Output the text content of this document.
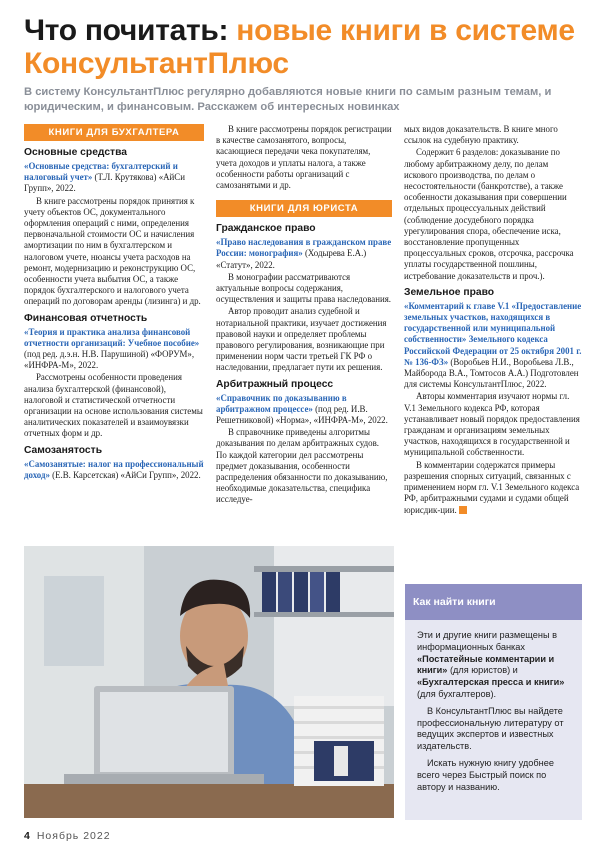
Что почитать: новые книги в системе КонсультантПлюс
В систему КонсультантПлюс регулярно добавляются новые книги по самым разным темам, и юридическим, и финансовым. Расскажем об интересных новинках
КНИГИ ДЛЯ БУХГАЛТЕРА
Основные средства

«Основные средства: бухгалтерский и налоговый учет» (Т.Л. Крутякова) «АйСи Групп», 2022.

В книге рассмотрены порядок принятия к учету объектов ОС, документального оформления операций с ними, определения первоначальной стоимости ОС и начисления амортизации по ним в бухгалтерском и налоговом учете, нюансы учета расходов на ремонт, модернизацию и реконструкцию ОС, особенности учета выбытия ОС, а также порядок бухгалтерского и налогового учета операций по договорам аренды (лизинга) и др.

Финансовая отчетность

«Теория и практика анализа финансовой отчетности организаций: Учебное пособие» (под ред. д.э.н. Н.В. Парушиной) «ФОРУМ», «ИНФРА-М», 2022.

Рассмотрены особенности проведения анализа бухгалтерской (финансовой), налоговой и статистической отчетности организации на основе использования системы аналитических показателей и взаимоувязки отчетных форм и др.

Самозанятость

«Самозанятые: налог на профессиональный доход» (Е.В. Карсетская) «АйСи Групп», 2022.

В книге рассмотрены порядок регистрации в качестве самозанятого, вопросы, касающиеся передачи чека покупателям, учета доходов и уплаты налога, а также особенности работы организаций с самозанятыми и др.

КНИГИ ДЛЯ ЮРИСТА
Гражданское право

«Право наследования в гражданском праве России: монография» (Ходырева Е.А.) «Статут», 2022.

В монографии рассматриваются актуальные вопросы содержания, осуществления и защиты права наследования.

Автор проводит анализ судебной и нотариальной практики, изучает достижения правовой науки и определяет проблемы правового регулирования, возникающие при применении норм части третьей ГК РФ о наследовании, предлагает пути их решения.

Арбитражный процесс

«Справочник по доказыванию в арбитражном процессе» (под ред. И.В. Решетниковой) «Норма», «ИНФРА-М», 2022.

В справочнике приведены алгоритмы доказывания по делам арбитражных судов. По каждой категории дел рассмотрены предмет доказывания, особенности распределения обязанности по доказыванию, необходимые доказательства, специфика исследуе-

мых видов доказательств. В книге много ссылок на судебную практику.

Содержит 6 разделов: доказывание по любому арбитражному делу, по делам искового производства, по делам о несостоятельности (банкротстве), а также особенности доказывания при совершении отдельных процессуальных действий (соблюдение досудебного порядка урегулирования спора, обеспечение иска, восстановление пропущенных процессуальных сроков, отсрочка, рассрочка уплаты государственной пошлины, истребование доказательств и проч.).

Земельное право

«Комментарий к главе V.1 «Предоставление земельных участков, находящихся в государственной или муниципальной собственности» Земельного кодекса Российской Федерации от 25 октября 2001 г. № 136-ФЗ» (Воробьев Н.И., Воробьева Л.В., Майборода В.А., Томтосов А.А.) Подготовлен для системы КонсультантПлюс, 2022.

Авторы комментария изучают нормы гл. V.1 Земельного кодекса РФ, которая устанавливает новый порядок предоставления гражданам и организациям земельных участков, находящихся в государственной и муниципальной собственности.

В комментарии содержатся примеры разрешения спорных ситуаций, связанных с применением норм гл. V.1 Земельного кодекса РФ, арбитражными судами и судами общей юрисдик-ции.

Как найти книги

Эти и другие книги размещены в информационных банках «Постатейные комментарии и книги» (для юристов) и «Бухгалтерская пресса и книги» (для бухгалтеров).

В КонсультантПлюс вы найдете профессиональную литературу от ведущих экспертов и известных издательств.

Искать нужную книгу удобнее всего через Быстрый поиск по автору и названию.

4 Ноябрь 2022
